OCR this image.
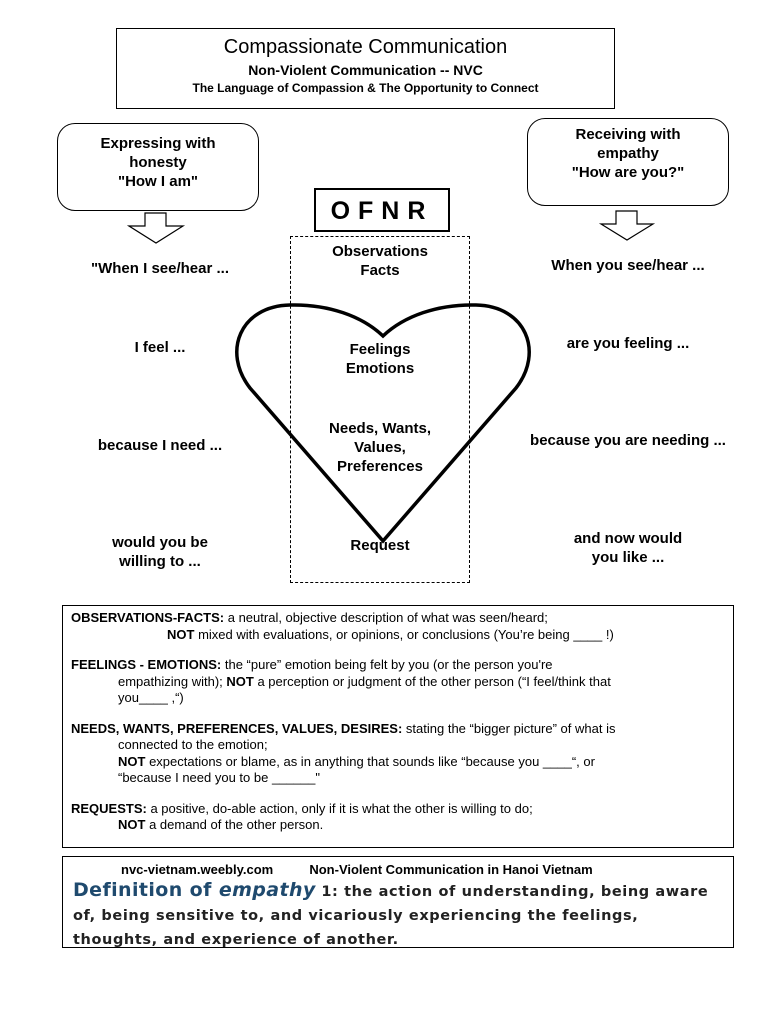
Compassionate Communication
Non-Violent Communication -- NVC
The Language of Compassion & The Opportunity to Connect
Expressing with
honesty
"How I am"
Receiving with
empathy
"How are you?"
OFNR
Observations
Facts
Feelings
Emotions
Needs, Wants,
Values,
Preferences
Request
"When I see/hear ...
I feel ...
because I need ...
would you be
willing to ...
When you see/hear ...
are you feeling ...
because you are needing ...
and now would
you like ...
OBSERVATIONS-FACTS: a neutral, objective description of what was seen/heard;
NOT mixed with evaluations, or opinions, or conclusions (You’re being ____ !)
FEELINGS - EMOTIONS: the “pure” emotion being felt by you (or the person you're
empathizing with); NOT a perception or judgment of the other person (“I feel/think that
you____ ,“)
NEEDS, WANTS, PREFERENCES, VALUES, DESIRES: stating the “bigger picture” of what is
connected to the emotion;
NOT expectations or blame, as in anything that sounds like “because you ____“, or
“because I need you to be ______"
REQUESTS: a positive, do-able action, only if it is what the other is willing to do;
NOT a demand of the other person.
nvc-vietnam.weebly.com	Non-Violent Communication in Hanoi Vietnam
Definition of empathy 1: the action of understanding, being aware of, being sensitive to, and vicariously experiencing the feelings, thoughts, and experience of another.
